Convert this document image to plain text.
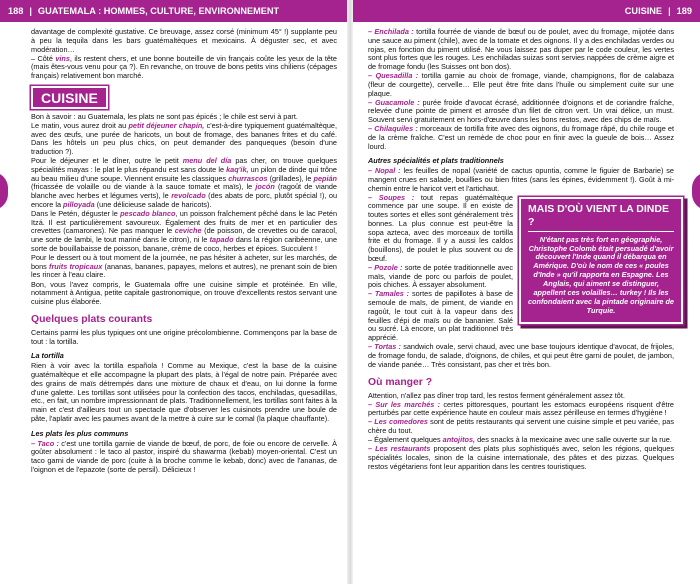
188 | GUATEMALA : HOMMES, CULTURE, ENVIRONNEMENT	CUISINE | 189

davantage de complexité gustative. Ce breuvage, assez corsé (minimum 45° !) supplante peu à peu la tequila dans les bars guatémaltèques et mexicains. À déguster sec, et avec modération…

– Côté vins, ils restent chers, et une bonne bouteille de vin français coûte les yeux de la tête (mais êtes-vous venu pour ça ?). En revanche, on trouve de bons petits vins chiliens (cépages français) relativement bon marché.

CUISINE

Bon à savoir : au Guatemala, les plats ne sont pas épicés ; le chile est servi à part.

Le matin, vous aurez droit au petit déjeuner chapín, c'est-à-dire typiquement guatémaltèque, avec des œufs, une purée de haricots, un bout de fromage, des bananes frites et du café. Dans les hôtels un peu plus chics, on peut demander des panqueques (besoin d'une traduction ?).

Pour le déjeuner et le dîner, outre le petit menu del día pas cher, on trouve quelques spécialités mayas : le plat le plus répandu est sans doute le kaq'ik, un pilon de dinde qui trône au beau milieu d'une soupe. Viennent ensuite les classiques churrascos (grillades), le pepián (fricassée de volaille ou de viande à la sauce tomate et maïs), le jocón (ragoût de viande blanche avec herbes et légumes verts), le revolcado (des abats de porc, plutôt spécial !), ou encore la pilloyada (une délicieuse salade de haricots).

Dans le Petén, déguster le pescado blanco, un poisson fraîchement pêché dans le lac Petén Itzá. Il est particulièrement savoureux. Également des fruits de mer et en particulier des crevettes (camarones). Ne pas manquer le ceviche (de poisson, de crevettes ou de caracol, une sorte de lambi, le tout mariné dans le citron), ni le tapado dans la région caribéenne, une sorte de bouillabaisse de poisson, banane, crème de coco, herbes et épices. Succulent !

Pour le dessert ou à tout moment de la journée, ne pas hésiter à acheter, sur les marchés, de bons fruits tropicaux (ananas, bananes, papayes, melons et autres), ne prenant soin de bien les rincer à l'eau claire.

Bon, vous l'avez compris, le Guatemala offre une cuisine simple et protéinée. En ville, notamment à Antigua, petite capitale gastronomique, on trouve d'excellents restos servant une cuisine plus élaborée.

Quelques plats courants

Certains parmi les plus typiques ont une origine précolombienne. Commençons par la base de tout : la tortilla.

La tortilla

Rien à voir avec la tortilla española ! Comme au Mexique, c'est la base de la cuisine guatémaltèque et elle accompagne la plupart des plats, à l'égal de notre pain. Préparée avec des grains de maïs détrempés dans une mixture de chaux et d'eau, on lui donne la forme d'une galette. Les tortillas sont utilisées pour la confection des tacos, enchiladas, quesadillas, etc., en fait, un nombre impressionnant de plats. Traditionnellement, les tortillas sont faites à la main et c'est d'ailleurs tout un spectacle que d'observer les cuisinots prendre une boule de pâte, l'aplatir avec les paumes avant de la mettre à cuire sur le comal (la plaque chauffante).

Les plats les plus communs

– Taco : c'est une tortilla garnie de viande de bœuf, de porc, de foie ou encore de cervelle. À goûter absolument : le taco al pastor, inspiré du shawarma (kebab) moyen-oriental. C'est un taco garni de viande de porc (cuite à la broche comme le kebab, donc) avec de l'ananas, de l'oignon et de l'epazote (sorte de persil). Délicieux !

– Enchilada : tortilla fourrée de viande de bœuf ou de poulet, avec du fromage, mijotée dans une sauce au piment (chile), avec de la tomate et des oignons. Il y a des enchiladas verdes ou rojas, en fonction du piment utilisé. Ne vous laissez pas duper par le code couleur, les vertes sont plus fortes que les rouges. Les enchiladas suizas sont servies nappées de crème aigre et de fromage fondu (les Suisses ont bon dos).

– Quesadilla : tortilla garnie au choix de fromage, viande, champignons, flor de calabaza (fleur de courgette), cervelle… Elle peut être frite dans l'huile ou simplement cuite sur une plaque.

– Guacamole : purée froide d'avocat écrasé, additionnée d'oignons et de coriandre fraîche, relevée d'une pointe de piment et arrosée d'un filet de citron vert. Un vrai délice, un must. Souvent servi gratuitement en hors-d'œuvre dans les bons restos, avec des chips de maïs.

– Chilaquiles : morceaux de tortilla frite avec des oignons, du fromage râpé, du chile rouge et de la crème fraîche. C'est un remède de choc pour en finir avec la gueule de bois… Assez lourd.

Autres spécialités et plats traditionnels

– Nopal : les feuilles de nopal (variété de cactus opuntia, comme le figuier de Barbarie) se mangent crues en salade, bouillies ou bien frites (sans les épines, évidemment !). Goût à mi-chemin entre le haricot vert et l'artichaut.

MAIS D'OÙ VIENT LA DINDE ?
N'étant pas très fort en géographie, Christophe Colomb était persuadé d'avoir découvert l'Inde quand il débarqua en Amérique. D'où le nom de ces « poules d'Inde » qu'il rapporta en Espagne. Les Anglais, qui aiment se distinguer, appellent ces volailles… turkey ! Ils les confondaient avec la pintade originaire de Turquie.

– Soupes : tout repas guatémaltèque commence par une soupe. Il en existe de toutes sortes et elles sont généralement très bonnes. La plus connue est peut-être la sopa azteca, avec des morceaux de tortilla frite et du fromage. Il y a aussi les caldos (bouillons), de poulet le plus souvent ou de bœuf.

– Pozole : sorte de potée traditionnelle avec maïs, viande de porc ou parfois de poulet, pois chiches. À essayer absolument.

– Tamales : sortes de papillotes à base de semoule de maïs, de piment, de viande en ragoût, le tout cuit à la vapeur dans des feuilles d'épi de maïs ou de bananier. Salé ou sucré. Là encore, un plat traditionnel très apprécié.

– Tortas : sandwich ovale, servi chaud, avec une base toujours identique d'avocat, de frijoles, de fromage fondu, de salade, d'oignons, de chiles, et qui peut être garni de poulet, de jambon, de viande panée… Très consistant, pas cher et très bon.

Où manger ?

Attention, n'allez pas dîner trop tard, les restos ferment généralement assez tôt.

– Sur les marchés : certes pittoresques, pourtant les estomacs européens risquent d'être perturbés par cette expérience haute en couleur mais assez périlleuse en termes d'hygiène !

– Les comedores sont de petits restaurants qui servent une cuisine simple et peu variée, pas chère du tout.

– Également quelques antojitos, des snacks à la mexicaine avec une salle ouverte sur la rue.

– Les restaurants proposent des plats plus sophistiqués avec, selon les régions, quelques spécialités locales, sinon de la cuisine internationale, des pâtes et des pizzas. Quelques restos végétariens font leur apparition dans les centres touristiques.
